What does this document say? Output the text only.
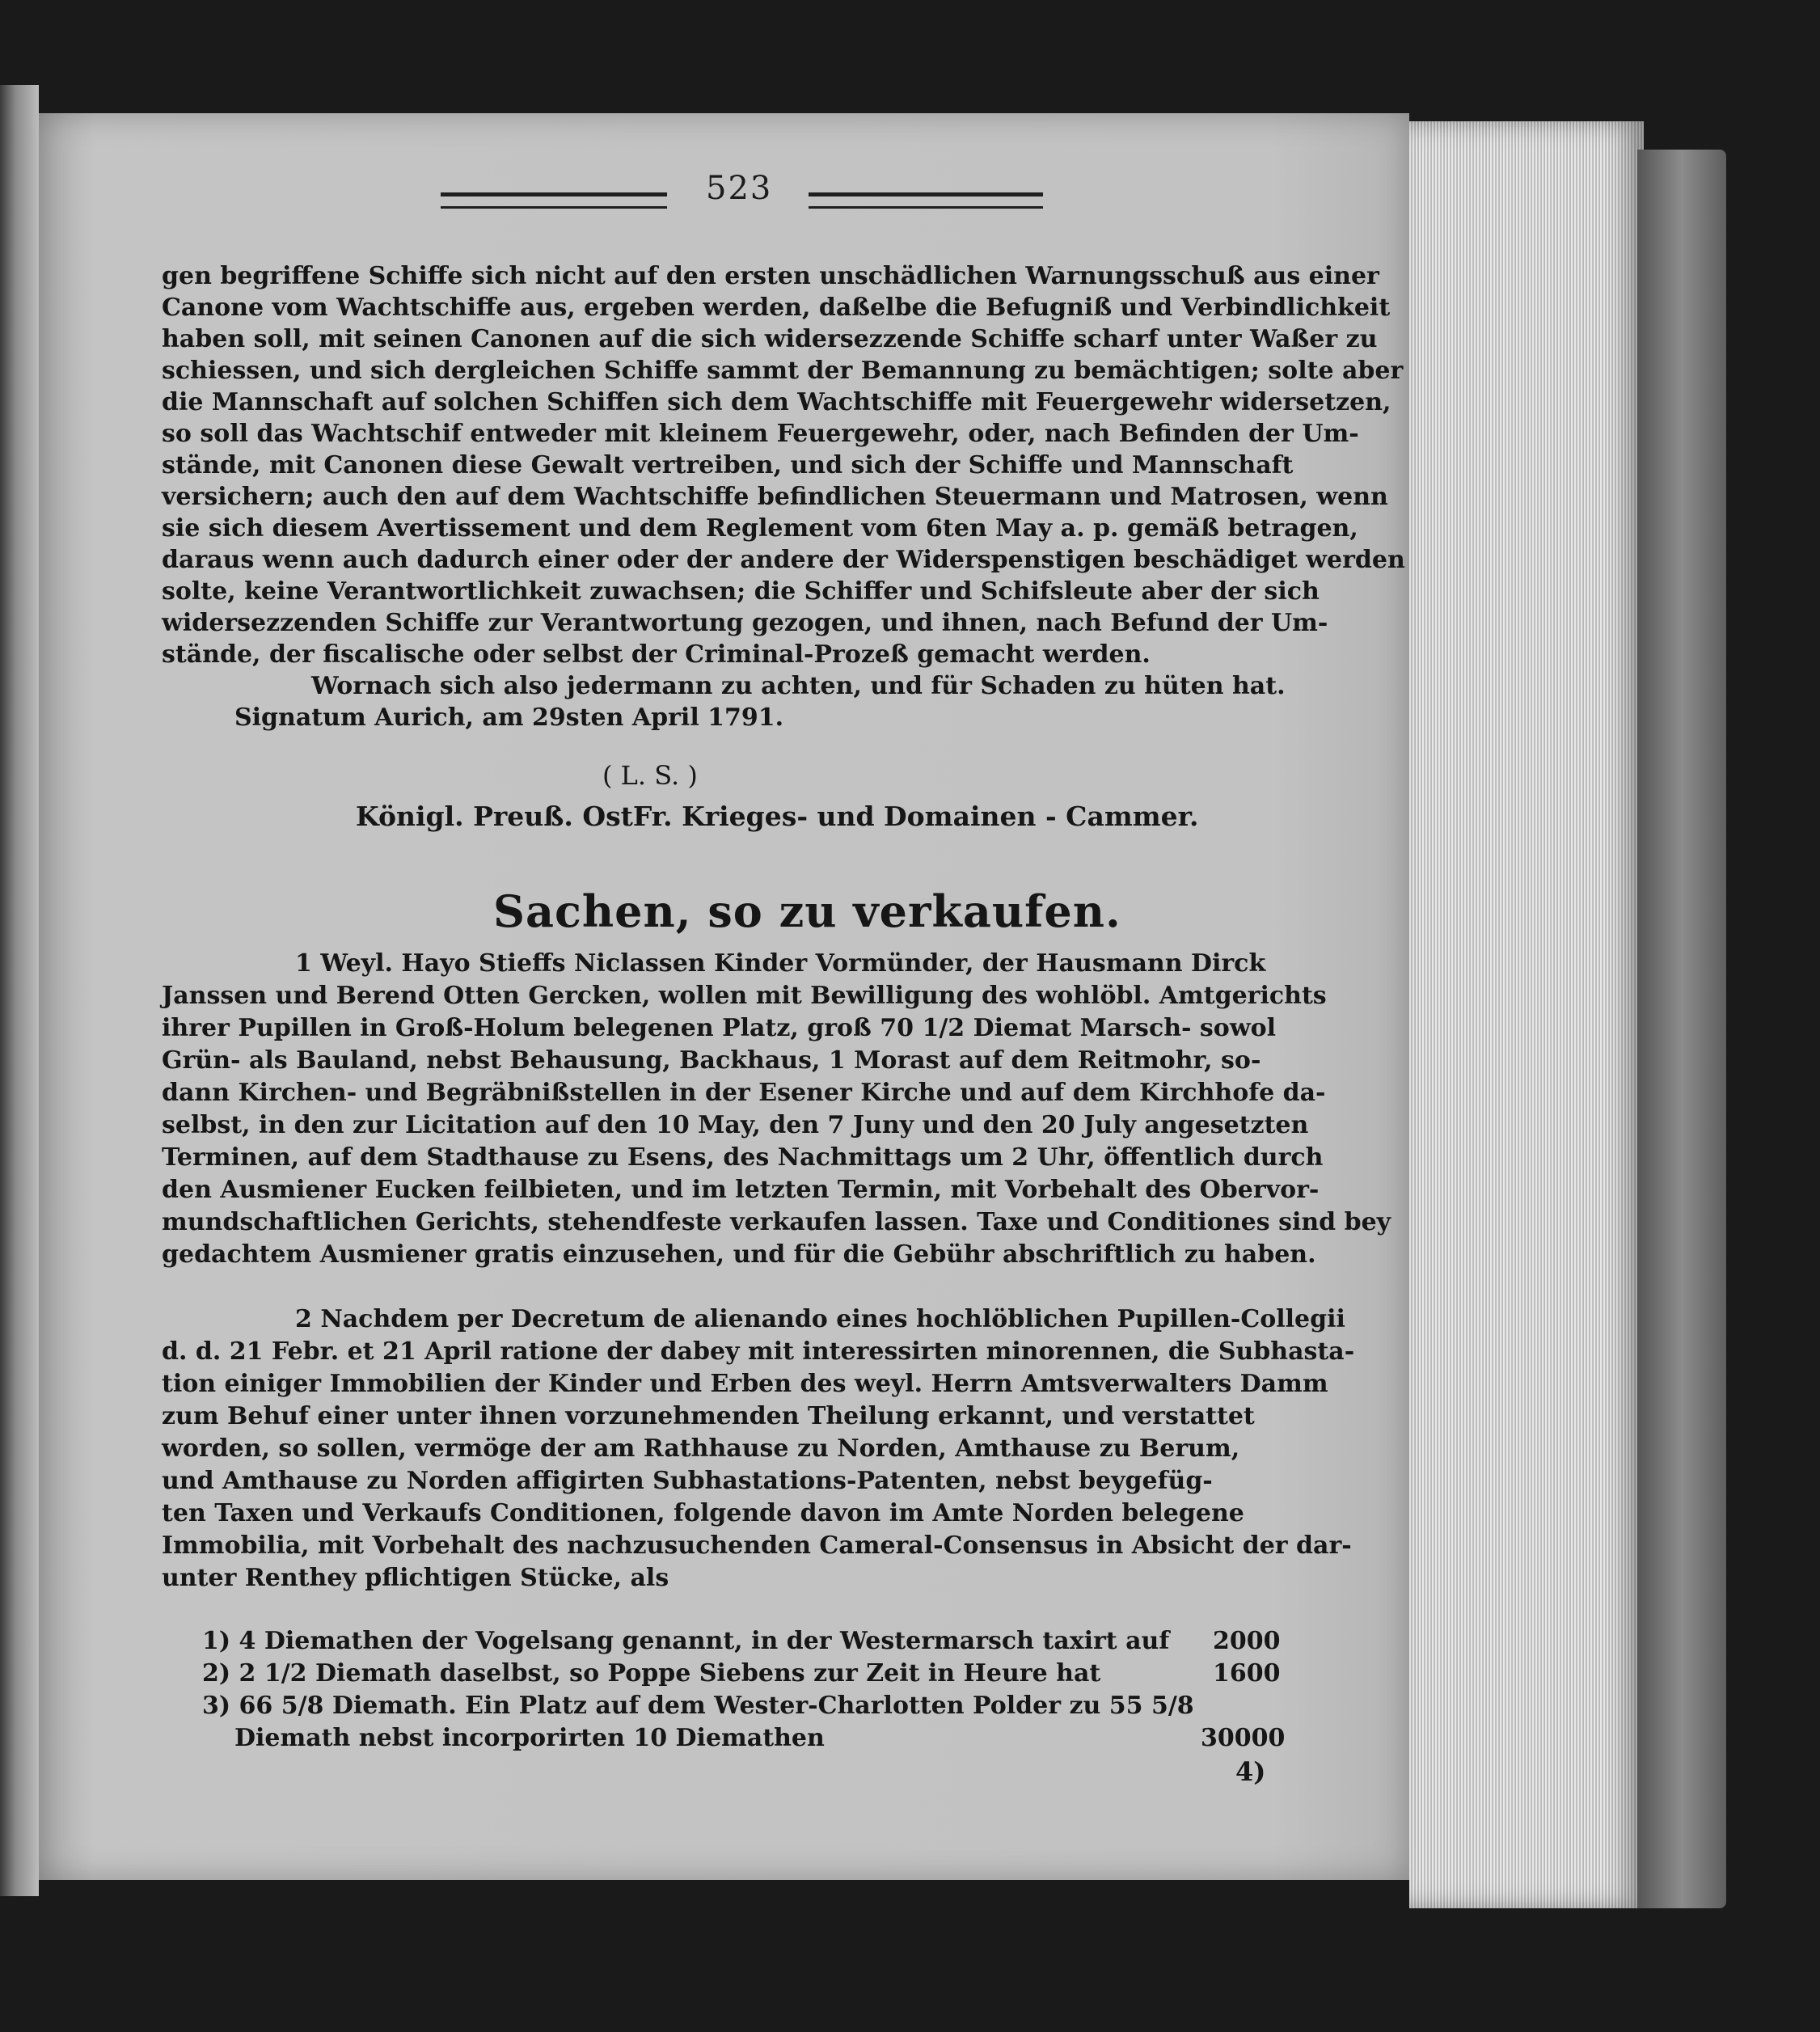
523
gen begriffene Schiffe sich nicht auf den ersten unschädlichen Warnungsschuß aus einer
Canone vom Wachtschiffe aus, ergeben werden, daßelbe die Befugniß und Verbindlichkeit
haben soll, mit seinen Canonen auf die sich widersezzende Schiffe scharf unter Waßer zu
schiessen, und sich dergleichen Schiffe sammt der Bemannung zu bemächtigen; solte aber
die Mannschaft auf solchen Schiffen sich dem Wachtschiffe mit Feuergewehr widersetzen,
so soll das Wachtschif entweder mit kleinem Feuergewehr, oder, nach Befinden der Um-
stände, mit Canonen diese Gewalt vertreiben, und sich der Schiffe und Mannschaft
versichern; auch den auf dem Wachtschiffe befindlichen Steuermann und Matrosen, wenn
sie sich diesem Avertissement und dem Reglement vom 6ten May a. p. gemäß betragen,
daraus wenn auch dadurch einer oder der andere der Widerspenstigen beschädiget werden
solte, keine Verantwortlichkeit zuwachsen; die Schiffer und Schifsleute aber der sich
widersezzenden Schiffe zur Verantwortung gezogen, und ihnen, nach Befund der Um-
stände, der fiscalische oder selbst der Criminal-Prozeß gemacht werden.
Wornach sich also jedermann zu achten, und für Schaden zu hüten hat.
Signatum Aurich, am 29sten April 1791.
( L. S. )
Königl. Preuß. OstFr. Krieges- und Domainen - Cammer.
Sachen, so zu verkaufen.
1 Weyl. Hayo Stieffs Niclassen Kinder Vormünder, der Hausmann Dirck
Janssen und Berend Otten Gercken, wollen mit Bewilligung des wohlöbl. Amtgerichts
ihrer Pupillen in Groß-Holum belegenen Platz, groß 70 1/2 Diemat Marsch- sowol
Grün- als Bauland, nebst Behausung, Backhaus, 1 Morast auf dem Reitmohr, so-
dann Kirchen- und Begräbnißstellen in der Esener Kirche und auf dem Kirchhofe da-
selbst, in den zur Licitation auf den 10 May, den 7 Juny und den 20 July angesetzten
Terminen, auf dem Stadthause zu Esens, des Nachmittags um 2 Uhr, öffentlich durch
den Ausmiener Eucken feilbieten, und im letzten Termin, mit Vorbehalt des Obervor-
mundschaftlichen Gerichts, stehendfeste verkaufen lassen. Taxe und Conditiones sind bey
gedachtem Ausmiener gratis einzusehen, und für die Gebühr abschriftlich zu haben.
2 Nachdem per Decretum de alienando eines hochlöblichen Pupillen-Collegii
d. d. 21 Febr. et 21 April ratione der dabey mit interessirten minorennen, die Subhasta-
tion einiger Immobilien der Kinder und Erben des weyl. Herrn Amtsverwalters Damm
zum Behuf einer unter ihnen vorzunehmenden Theilung erkannt, und verstattet
worden, so sollen, vermöge der am Rathhause zu Norden, Amthause zu Berum,
und Amthause zu Norden affigirten Subhastations-Patenten, nebst beygefüg-
ten Taxen und Verkaufs Conditionen, folgende davon im Amte Norden belegene
Immobilia, mit Vorbehalt des nachzusuchenden Cameral-Consensus in Absicht der dar-
unter Renthey pflichtigen Stücke, als
1) 4 Diemathen der Vogelsang genannt, in der Westermarsch taxirt auf 2000
2) 2 1/2 Diemath daselbst, so Poppe Siebens zur Zeit in Heure hat	1600
3) 66 5/8 Diemath. Ein Platz auf dem Wester-Charlotten Polder zu 55 5/8
Diemath nebst incorporirten 10 Diemathen	30000
4)
